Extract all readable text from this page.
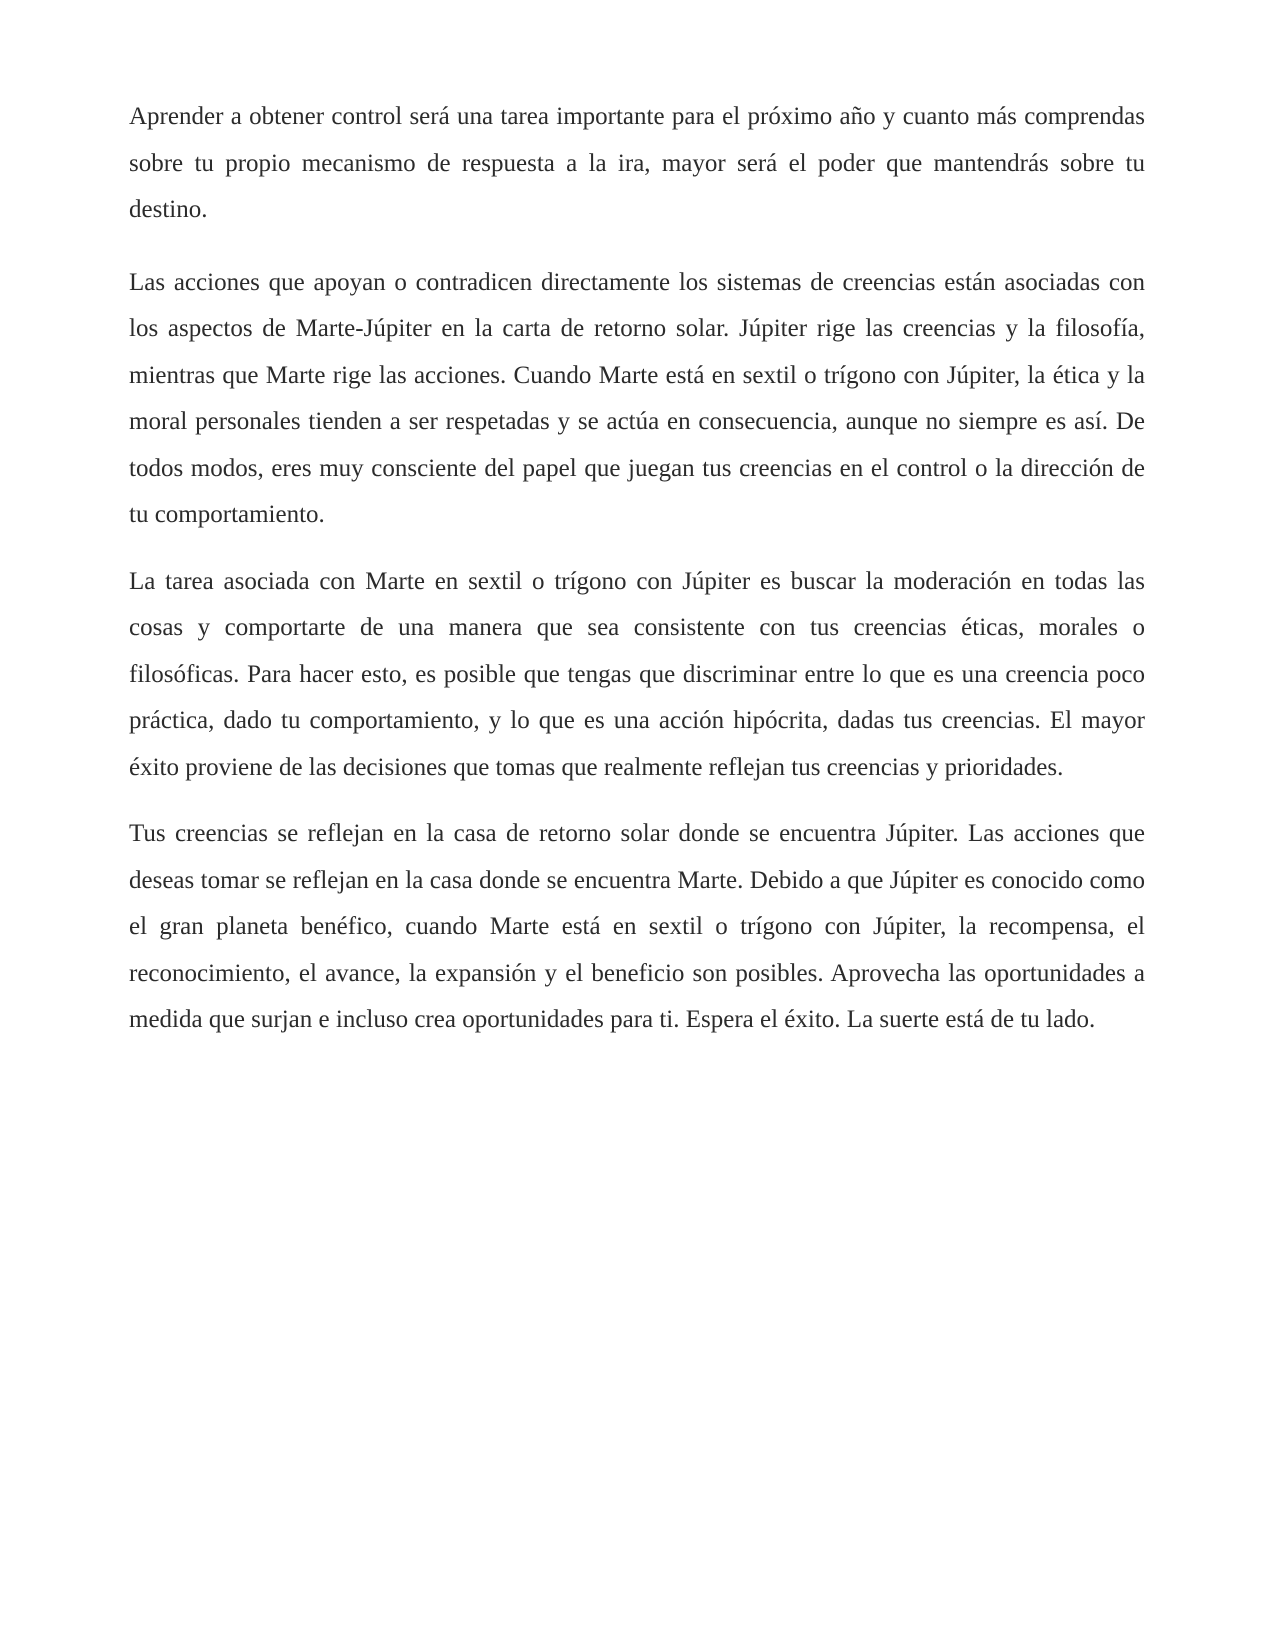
Aprender a obtener control será una tarea importante para el próximo año y cuanto más comprendas sobre tu propio mecanismo de respuesta a la ira, mayor será el poder que mantendrás sobre tu destino.

Las acciones que apoyan o contradicen directamente los sistemas de creencias están asociadas con los aspectos de Marte-Júpiter en la carta de retorno solar. Júpiter rige las creencias y la filosofía, mientras que Marte rige las acciones. Cuando Marte está en sextil o trígono con Júpiter, la ética y la moral personales tienden a ser respetadas y se actúa en consecuencia, aunque no siempre es así. De todos modos, eres muy consciente del papel que juegan tus creencias en el control o la dirección de tu comportamiento.

La tarea asociada con Marte en sextil o trígono con Júpiter es buscar la moderación en todas las cosas y comportarte de una manera que sea consistente con tus creencias éticas, morales o filosóficas. Para hacer esto, es posible que tengas que discriminar entre lo que es una creencia poco práctica, dado tu comportamiento, y lo que es una acción hipócrita, dadas tus creencias. El mayor éxito proviene de las decisiones que tomas que realmente reflejan tus creencias y prioridades.

Tus creencias se reflejan en la casa de retorno solar donde se encuentra Júpiter. Las acciones que deseas tomar se reflejan en la casa donde se encuentra Marte. Debido a que Júpiter es conocido como el gran planeta benéfico, cuando Marte está en sextil o trígono con Júpiter, la recompensa, el reconocimiento, el avance, la expansión y el beneficio son posibles. Aprovecha las oportunidades a medida que surjan e incluso crea oportunidades para ti. Espera el éxito. La suerte está de tu lado.
